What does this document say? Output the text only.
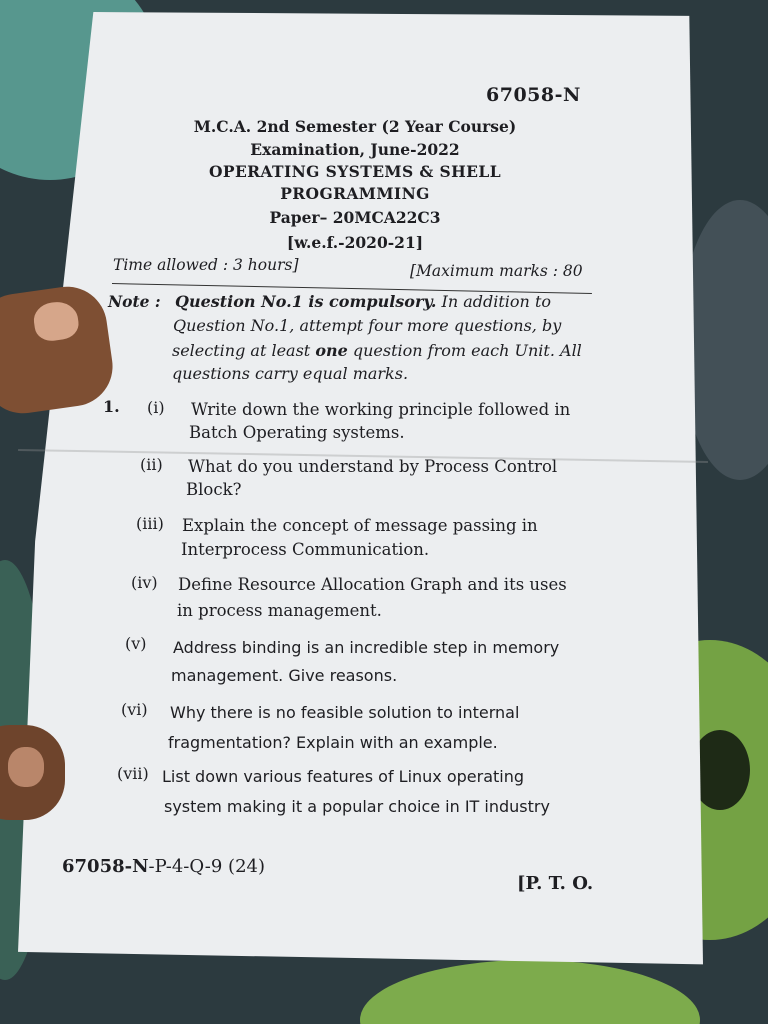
67058-N
M.C.A. 2nd Semester (2 Year Course)
Examination, June-2022
OPERATING SYSTEMS & SHELL
PROGRAMMING
Paper– 20MCA22C3
[w.e.f.-2020-21]
Time allowed : 3 hours]	[Maximum marks : 80
Note : Question No.1 is compulsory. In addition to
Question No.1, attempt four more questions, by
selecting at least one question from each Unit. All
questions carry equal marks.
1. (i) Write down the working principle followed in
Batch Operating systems.
(ii) What do you understand by Process Control
Block?
(iii) Explain the concept of message passing in
Interprocess Communication.
(iv) Define Resource Allocation Graph and its uses
in process management.
(v) Address binding is an incredible step in memory
management. Give reasons.
(vi) Why there is no feasible solution to internal
fragmentation? Explain with an example.
(vii) List down various features of Linux operating
system making it a popular choice in IT industry
67058-N-P-4-Q-9 (24)
[P. T. O.
